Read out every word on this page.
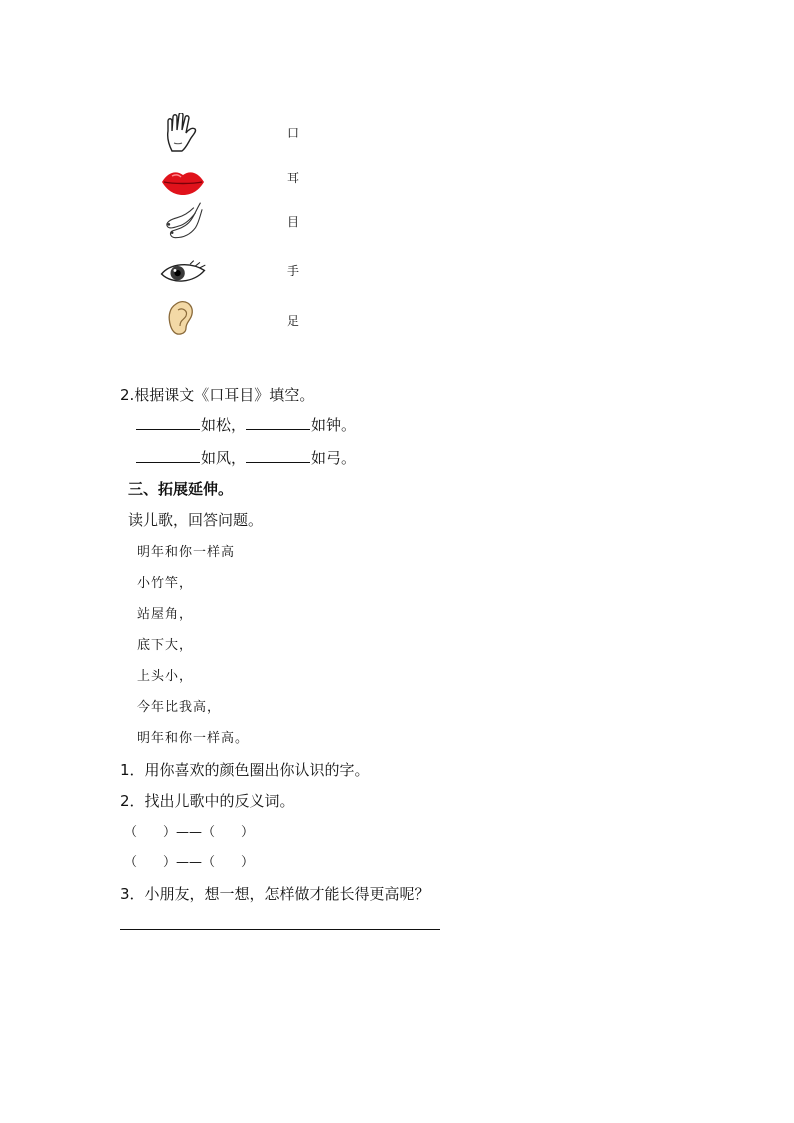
口
耳
目
手
足
2.根据课文《口耳目》填空。
如松，	如钟。
如风，	如弓。
三、拓展延伸。
读儿歌，回答问题。
明年和你一样高
小竹竿，
站屋角，
底下大，
上头小，
今年比我高，
明年和你一样高。
1．用你喜欢的颜色圈出你认识的字。
2．找出儿歌中的反义词。
（　　）——（　　）
（　　）——（　　）
3．小朋友，想一想，怎样做才能长得更高呢？
